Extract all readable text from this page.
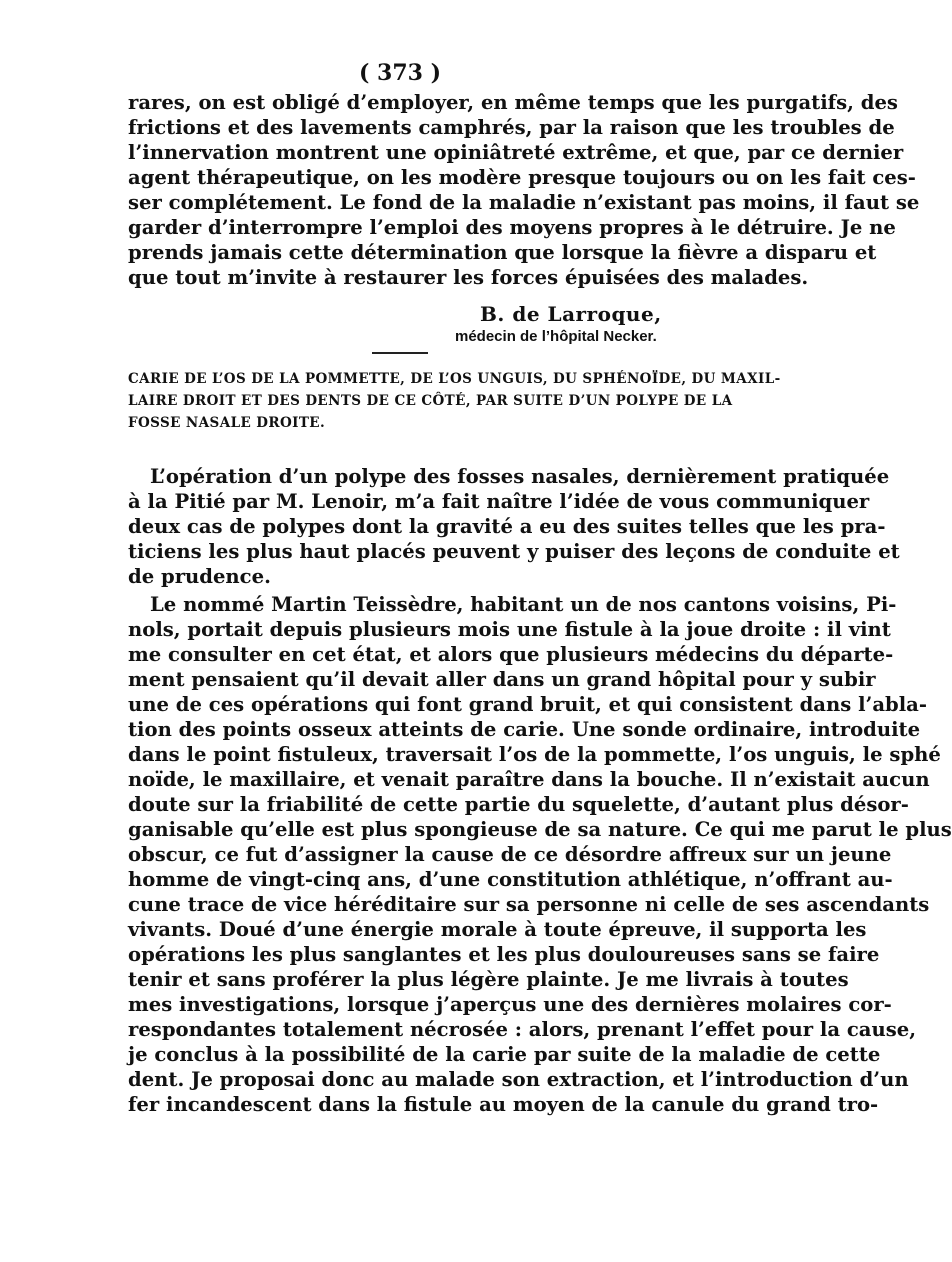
( 373 )
rares, on est obligé d’employer, en même temps que les purgatifs, des
frictions et des lavements camphrés, par la raison que les troubles de
l’innervation montrent une opiniâtreté extrême, et que, par ce dernier
agent thérapeutique, on les modère presque toujours ou on les fait ces-
ser complétement. Le fond de la maladie n’existant pas moins, il faut se
garder d’interrompre l’emploi des moyens propres à le détruire. Je ne
prends jamais cette détermination que lorsque la fièvre a disparu et
que tout m’invite à restaurer les forces épuisées des malades.
B. de Larroque,
médecin de l’hôpital Necker.
CARIE DE L’OS DE LA POMMETTE, DE L’OS UNGUIS, DU SPHÉNOÏDE, DU MAXIL-
LAIRE DROIT ET DES DENTS DE CE CÔTÉ, PAR SUITE D’UN POLYPE DE LA
FOSSE NASALE DROITE.
L’opération d’un polype des fosses nasales, dernièrement pratiquée
à la Pitié par M. Lenoir, m’a fait naître l’idée de vous communiquer
deux cas de polypes dont la gravité a eu des suites telles que les pra-
ticiens les plus haut placés peuvent y puiser des leçons de conduite et
de prudence.
Le nommé Martin Teissèdre, habitant un de nos cantons voisins, Pi-
nols, portait depuis plusieurs mois une fistule à la joue droite : il vint
me consulter en cet état, et alors que plusieurs médecins du départe-
ment pensaient qu’il devait aller dans un grand hôpital pour y subir
une de ces opérations qui font grand bruit, et qui consistent dans l’abla-
tion des points osseux atteints de carie. Une sonde ordinaire, introduite
dans le point fistuleux, traversait l’os de la pommette, l’os unguis, le sphé
noïde, le maxillaire, et venait paraître dans la bouche. Il n’existait aucun
doute sur la friabilité de cette partie du squelette, d’autant plus désor-
ganisable qu’elle est plus spongieuse de sa nature. Ce qui me parut le plus
obscur, ce fut d’assigner la cause de ce désordre affreux sur un jeune
homme de vingt-cinq ans, d’une constitution athlétique, n’offrant au-
cune trace de vice héréditaire sur sa personne ni celle de ses ascendants
vivants. Doué d’une énergie morale à toute épreuve, il supporta les
opérations les plus sanglantes et les plus douloureuses sans se faire
tenir et sans proférer la plus légère plainte. Je me livrais à toutes
mes investigations, lorsque j’aperçus une des dernières molaires cor-
respondantes totalement nécrosée : alors, prenant l’effet pour la cause,
je conclus à la possibilité de la carie par suite de la maladie de cette
dent. Je proposai donc au malade son extraction, et l’introduction d’un
fer incandescent dans la fistule au moyen de la canule du grand tro-
